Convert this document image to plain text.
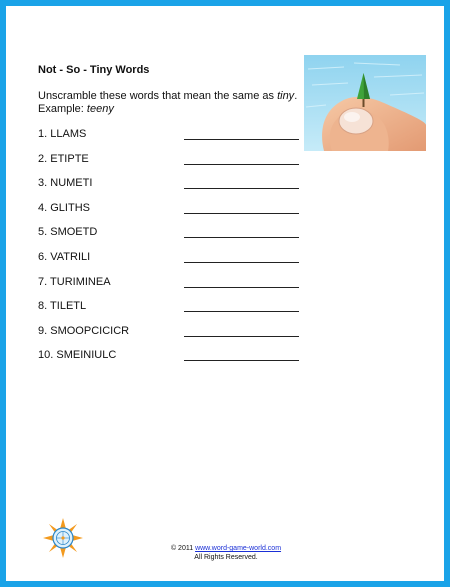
Not - So - Tiny Words
Unscramble these words that mean the same as tiny.
Example: teeny
1. LLAMS
2. ETIPTE
3. NUMETI
4. GLITHS
5. SMOETD
6. VATRILI
7. TURIMINEA
8. TILETL
9. SMOOPCICICR
10. SMEINIULC
© 2011 www.word-game-world.com
All Rights Reserved.
